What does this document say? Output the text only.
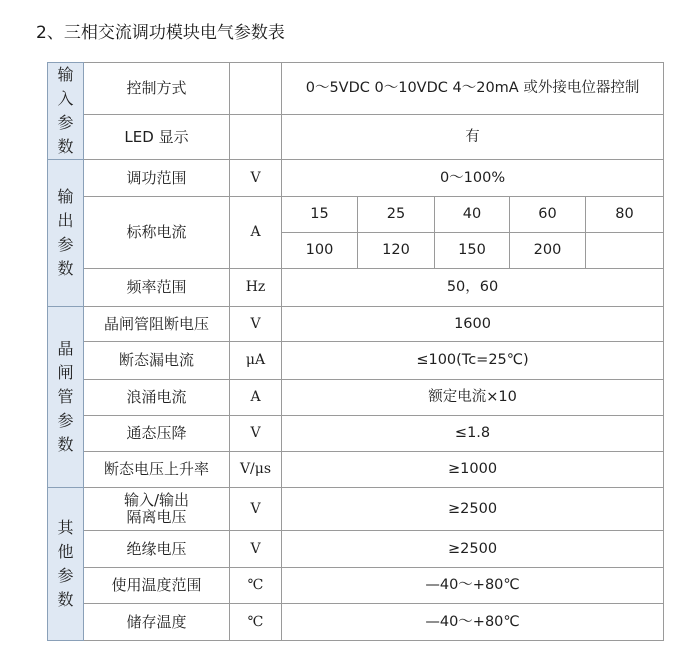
2、三相交流调功模块电气参数表
输
入
参
数	控制方式		0～5VDC 0～10VDC 4～20mA 或外接电位器控制				
	LED 显示		有				

输
出
参
数	调功范围	V	0～100%				
	标称电流	A	15	25	40	60	80
			100	120	150	200	
	频率范围	Hz	50，60				

晶
闸
管
参
数	晶闸管阻断电压	V	1600				
	断态漏电流	μA	≤100(Tc=25℃)				
	浪涌电流	A	额定电流×10				
	通态压降	V	≤1.8				
	断态电压上升率	V/μs	≥1000				

其
他
参
数	输入/输出
隔离电压	V	≥2500				
	绝缘电压	V	≥2500				
	使用温度范围	℃	—40～+80℃				
	储存温度	℃	—40～+80℃				
